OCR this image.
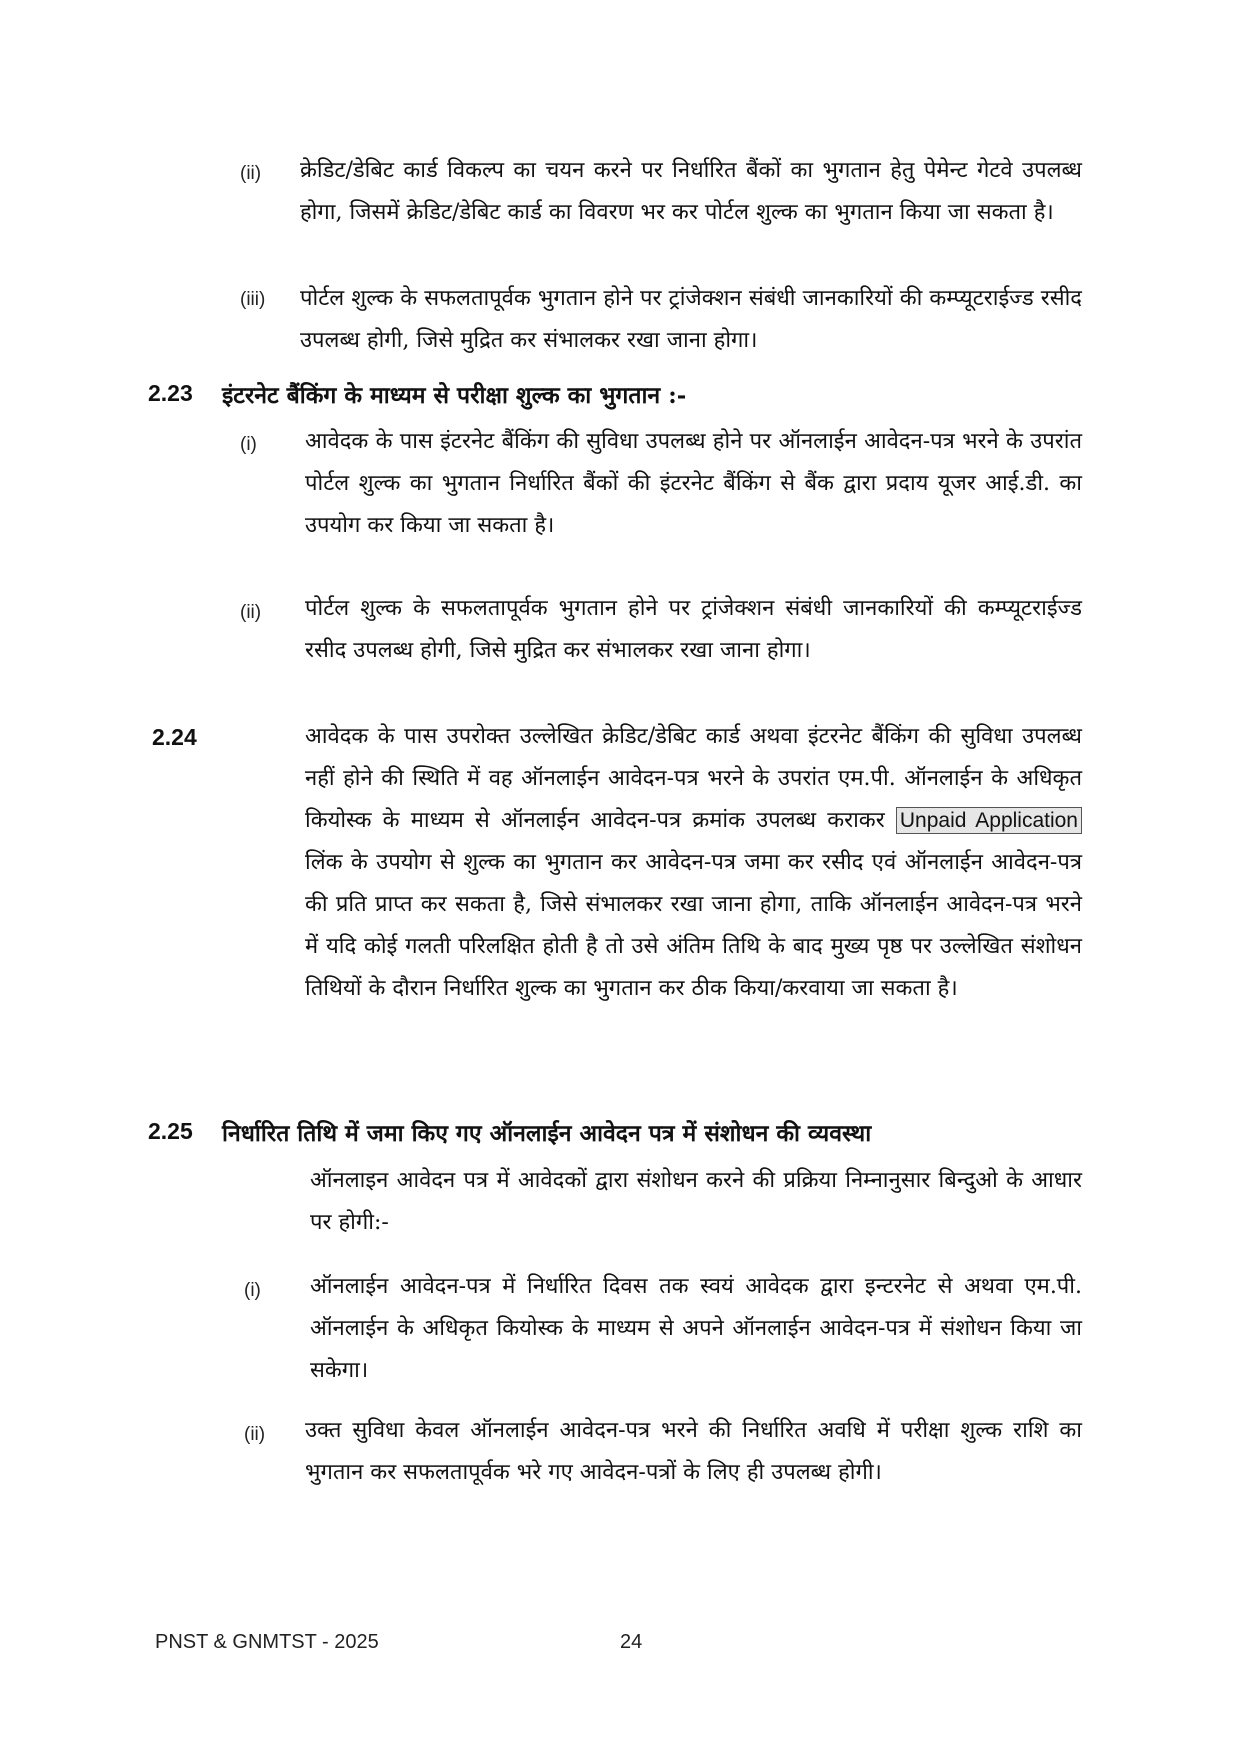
(ii) क्रेडिट/डेबिट कार्ड विकल्प का चयन करने पर निर्धारित बैंकों का भुगतान हेतु पेमेन्ट गेटवे उपलब्ध होगा, जिसमें क्रेडिट/डेबिट कार्ड का विवरण भर कर पोर्टल शुल्क का भुगतान किया जा सकता है।
(iii) पोर्टल शुल्क के सफलतापूर्वक भुगतान होने पर ट्रांजेक्शन संबंधी जानकारियों की कम्प्यूटराईज्ड रसीद उपलब्ध होगी, जिसे मुद्रित कर संभालकर रखा जाना होगा।
2.23 इंटरनेट बैंकिंग के माध्यम से परीक्षा शुल्क का भुगतान :-
(i) आवेदक के पास इंटरनेट बैंकिंग की सुविधा उपलब्ध होने पर ऑनलाईन आवेदन-पत्र भरने के उपरांत पोर्टल शुल्क का भुगतान निर्धारित बैंकों की इंटरनेट बैंकिंग से बैंक द्वारा प्रदाय यूजर आई.डी. का उपयोग कर किया जा सकता है।
(ii) पोर्टल शुल्क के सफलतापूर्वक भुगतान होने पर ट्रांजेक्शन संबंधी जानकारियों की कम्प्यूटराईज्ड रसीद उपलब्ध होगी, जिसे मुद्रित कर संभालकर रखा जाना होगा।
2.24	आवेदक के पास उपरोक्त उल्लेखित क्रेडिट/डेबिट कार्ड अथवा इंटरनेट बैंकिंग की सुविधा उपलब्ध नहीं होने की स्थिति में वह ऑनलाईन आवेदन-पत्र भरने के उपरांत एम.पी. ऑनलाईन के अधिकृत कियोस्क के माध्यम से ऑनलाईन आवेदन-पत्र क्रमांक उपलब्ध कराकर Unpaid Application लिंक के उपयोग से शुल्क का भुगतान कर आवेदन-पत्र जमा कर रसीद एवं ऑनलाईन आवेदन-पत्र की प्रति प्राप्त कर सकता है, जिसे संभालकर रखा जाना होगा, ताकि ऑनलाईन आवेदन-पत्र भरने में यदि कोई गलती परिलक्षित होती है तो उसे अंतिम तिथि के बाद मुख्य पृष्ठ पर उल्लेखित संशोधन तिथियों के दौरान निर्धारित शुल्क का भुगतान कर ठीक किया/करवाया जा सकता है।
2.25 निर्धारित तिथि में जमा किए गए ऑनलाईन आवेदन पत्र में संशोधन की व्यवस्था
ऑनलाइन आवेदन पत्र में आवेदकों द्वारा संशोधन करने की प्रक्रिया निम्नानुसार बिन्दुओ के आधार पर होगी:-
(i) ऑनलाईन आवेदन-पत्र में निर्धारित दिवस तक स्वयं आवेदक द्वारा इन्टरनेट से अथवा एम.पी. ऑनलाईन के अधिकृत कियोस्क के माध्यम से अपने ऑनलाईन आवेदन-पत्र में संशोधन किया जा सकेगा।
(ii) उक्त सुविधा केवल ऑनलाईन आवेदन-पत्र भरने की निर्धारित अवधि में परीक्षा शुल्क राशि का भुगतान कर सफलतापूर्वक भरे गए आवेदन-पत्रों के लिए ही उपलब्ध होगी।
PNST & GNMTST - 2025	24
